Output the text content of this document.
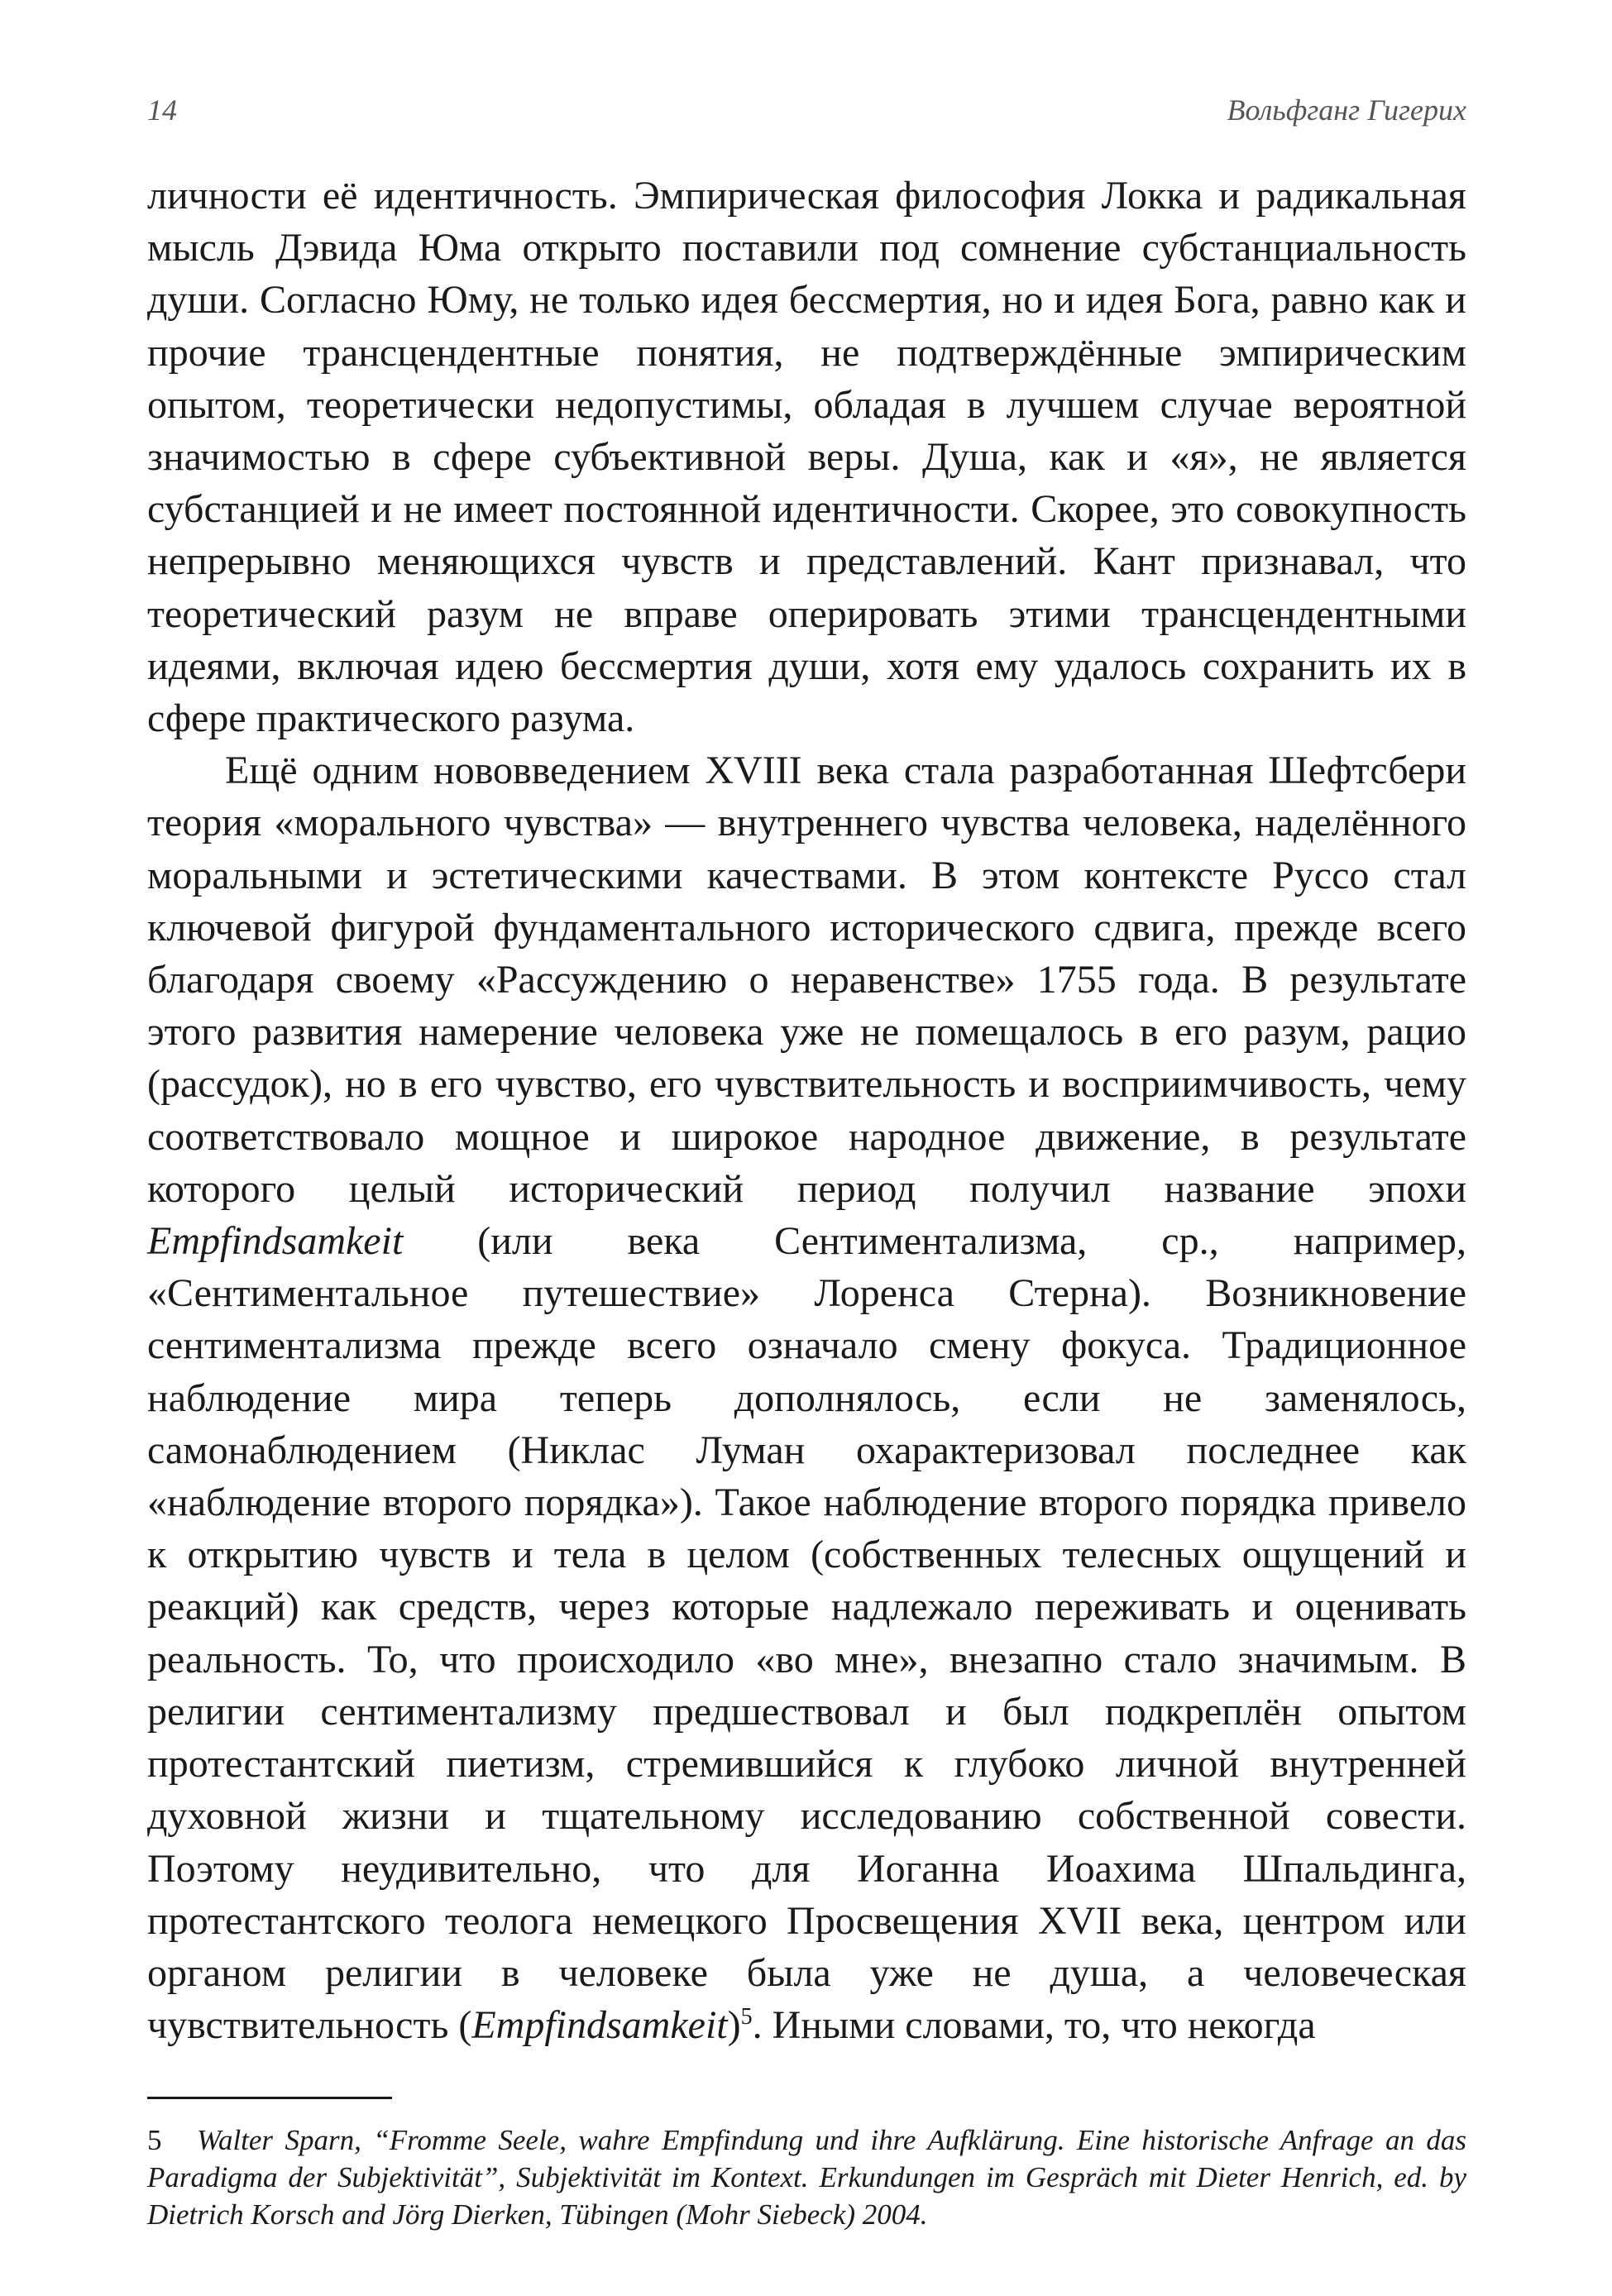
14	Вольфганг Гигерих

личности её идентичность. Эмпирическая философия Локка и радикальная мысль Дэвида Юма открыто поставили под сомнение субстанциальность души. Согласно Юму, не только идея бессмертия, но и идея Бога, равно как и прочие трансцендентные понятия, не подтверждённые эмпирическим опытом, теоретически недопустимы, обладая в лучшем случае вероятной значимостью в сфере субъективной веры. Душа, как и «я», не является субстанцией и не имеет постоянной идентичности. Скорее, это совокупность непрерывно меняющихся чувств и представлений. Кант признавал, что теоретический разум не вправе оперировать этими трансцендентными идеями, включая идею бессмертия души, хотя ему удалось сохранить их в сфере практического разума.

Ещё одним нововведением XVIII века стала разработанная Шефтсбери теория «морального чувства» — внутреннего чувства человека, наделённого моральными и эстетическими качествами. В этом контексте Руссо стал ключевой фигурой фундаментального исторического сдвига, прежде всего благодаря своему «Рассуждению о неравенстве» 1755 года. В результате этого развития намерение человека уже не помещалось в его разум, рацио (рассудок), но в его чувство, его чувствительность и восприимчивость, чему соответствовало мощное и широкое народное движение, в результате которого целый исторический период получил название эпохи Empfindsamkeit (или века Сентиментализма, ср., например, «Сентиментальное путешествие» Лоренса Стерна). Возникновение сентиментализма прежде всего означало смену фокуса. Традиционное наблюдение мира теперь дополнялось, если не заменялось, самонаблюдением (Никлас Луман охарактеризовал последнее как «наблюдение второго порядка»). Такое наблюдение второго порядка привело к открытию чувств и тела в целом (собственных телесных ощущений и реакций) как средств, через которые надлежало переживать и оценивать реальность. То, что происходило «во мне», внезапно стало значимым. В религии сентиментализму предшествовал и был подкреплён опытом протестантский пиетизм, стремившийся к глубоко личной внутренней духовной жизни и тщательному исследованию собственной совести. Поэтому неудивительно, что для Иоганна Иоахима Шпальдинга, протестантского теолога немецкого Просвещения XVII века, центром или органом религии в человеке была уже не душа, а человеческая чувствительность (Empfindsamkeit)$^5$. Иными словами, то, что некогда

5 Walter Sparn, “Fromme Seele, wahre Empfindung und ihre Aufklärung. Eine historische Anfrage an das Paradigma der Subjektivität”, Subjektivität im Kontext. Erkundungen im Gespräch mit Dieter Henrich, ed. by Dietrich Korsch and Jörg Dierken, Tübingen (Mohr Siebeck) 2004.
